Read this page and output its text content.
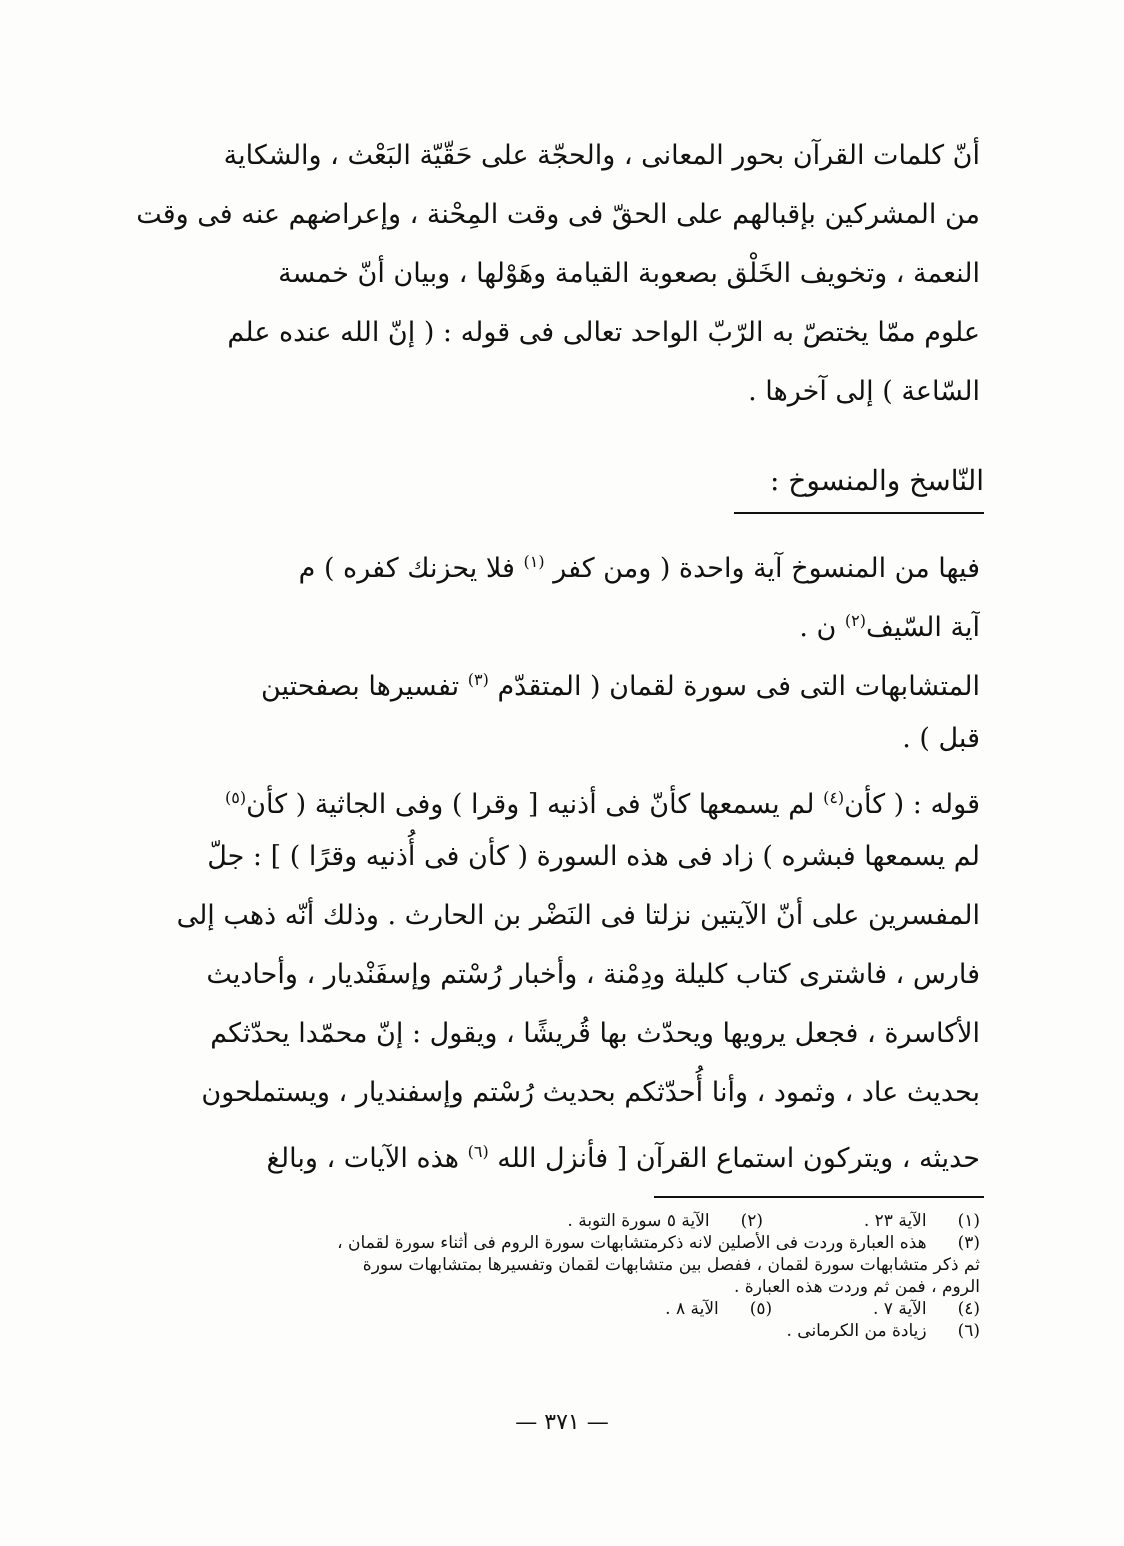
أنّ كلمات القرآن بحور المعانى ، والحجّة على حَقّيّة البَعْث ، والشكاية

من المشركين بإقبالهم على الحقّ فى وقت المِحْنة ، وإعراضهم عنه فى وقت

النعمة ، وتخويف الخَلْق بصعوبة القيامة وهَوْلها ، وبيان أنّ خمسة

علوم ممّا يختصّ به الرّبّ الواحد تعالى فى قوله : ( إنّ الله عنده علم

السّاعة ) إلى آخرها .

النّاسخ والمنسوخ :

فيها من المنسوخ آية واحدة ( ومن كفر $^{(١)}$ فلا يحزنك كفره ) م

آية السّيف$^{(٢)}$ ن .

المتشابهات التى فى سورة لقمان ( المتقدّم $^{(٣)}$ تفسيرها بصفحتين

قبل ) .

قوله : ( كأن$^{(٤)}$ لم يسمعها كأنّ فى أذنيه [ وقرا ) وفى الجاثية ( كأن$^{(٥)}$

لم يسمعها فبشره ) زاد فى هذه السورة ( كأن فى أُذنيه وقرًا ) ] : جلّ

المفسرين على أنّ الآيتين نزلتا فى النَضْر بن الحارث . وذلك أنّه ذهب إلى

فارس ، فاشترى كتاب كليلة ودِمْنة ، وأخبار رُسْتم وإسفَنْديار ، وأحاديث

الأكاسرة ، فجعل يرويها ويحدّث بها قُريشًا ، ويقول : إنّ محمّدا يحدّثكم

بحديث عاد ، وثمود ، وأنا أُحدّثكم بحديث رُسْتم وإسفنديار ، ويستملحون

حديثه ، ويتركون استماع القرآن [ فأنزل الله $^{(٦)}$ هذه الآيات ، وبالغ

(١) الآية ٢٣ .  (٢) الآية ٥ سورة التوبة .

(٣) هذه العبارة وردت فى الأصلين لانه ذكرمتشابهات سورة الروم فى أثناء سورة لقمان ،

ثم ذكر متشابهات سورة لقمان ، ففصل بين متشابهات لقمان وتفسيرها بمتشابهات سورة

الروم ، فمن ثم وردت هذه العبارة .

(٤) الآية ٧ .  (٥) الآية ٨ .

(٦) زيادة من الكرمانى .

— ٣٧١ —
